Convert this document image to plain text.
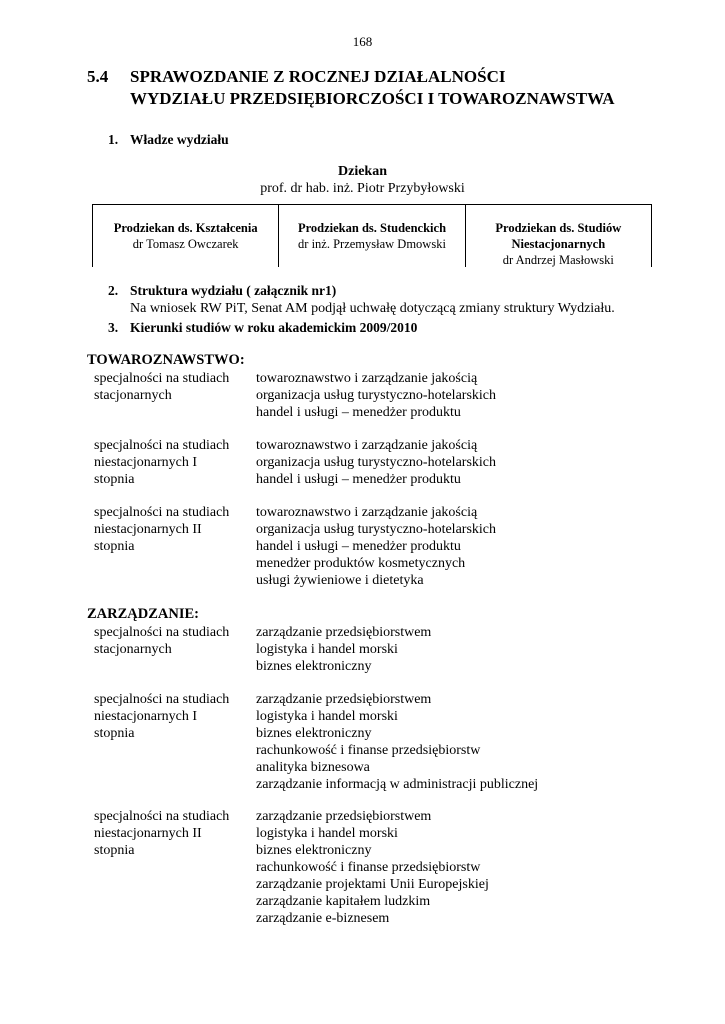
168
5.4 SPRAWOZDANIE Z ROCZNEJ DZIAŁALNOŚCI
WYDZIAŁU PRZEDSIĘBIORCZOŚCI I TOWAROZNAWSTWA
1. Władze wydziału
Dziekan
prof. dr hab. inż. Piotr Przybyłowski
Prodziekan ds. Kształcenia
dr Tomasz Owczarek
Prodziekan ds. Studenckich
dr inż. Przemysław Dmowski
Prodziekan ds. Studiów
Niestacjonarnych
dr Andrzej Masłowski
2. Struktura wydziału ( załącznik nr1)
Na wniosek RW PiT, Senat AM podjął uchwałę dotyczącą zmiany struktury Wydziału.
3. Kierunki studiów w roku akademickim 2009/2010
TOWAROZNAWSTWO:
specjalności na studiach
stacjonarnych
towaroznawstwo i zarządzanie jakością
organizacja usług turystyczno-hotelarskich
handel i usługi – menedżer produktu
specjalności na studiach
niestacjonarnych I
stopnia
towaroznawstwo i zarządzanie jakością
organizacja usług turystyczno-hotelarskich
handel i usługi – menedżer produktu
specjalności na studiach
niestacjonarnych II
stopnia
towaroznawstwo i zarządzanie jakością
organizacja usług turystyczno-hotelarskich
handel i usługi – menedżer produktu
menedżer produktów kosmetycznych
usługi żywieniowe i dietetyka
ZARZĄDZANIE:
specjalności na studiach
stacjonarnych
zarządzanie przedsiębiorstwem
logistyka i handel morski
biznes elektroniczny
specjalności na studiach
niestacjonarnych I
stopnia
zarządzanie przedsiębiorstwem
logistyka i handel morski
biznes elektroniczny
rachunkowość i finanse przedsiębiorstw
analityka biznesowa
zarządzanie informacją w administracji publicznej
specjalności na studiach
niestacjonarnych II
stopnia
zarządzanie przedsiębiorstwem
logistyka i handel morski
biznes elektroniczny
rachunkowość i finanse przedsiębiorstw
zarządzanie projektami Unii Europejskiej
zarządzanie kapitałem ludzkim
zarządzanie e-biznesem
